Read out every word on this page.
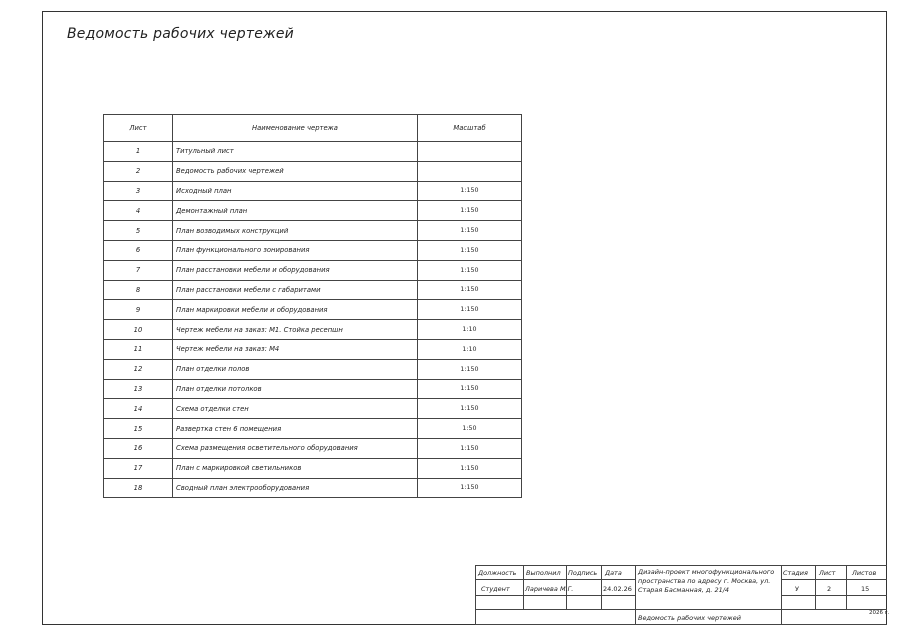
Ведомость рабочих чертежей
Лист	Наименование чертежа	Масштаб
1	Титульный лист	
2	Ведомость рабочих чертежей	
3	Исходный план	1:150
4	Демонтажный план	1:150
5	План возводимых конструкций	1:150
6	План функционального зонирования	1:150
7	План расстановки мебели и оборудования	1:150
8	План расстановки мебели с габаритами	1:150
9	План маркировки мебели и оборудования	1:150
10	Чертеж мебели на заказ: М1. Стойка ресепшн	1:10
11	Чертеж мебели на заказ: М4	1:10
12	План отделки полов	1:150
13	План отделки потолков	1:150
14	Схема отделки стен	1:150
15	Развертка стен 6 помещения	1:50
16	Схема размещения осветительного оборудования	1:150
17	План с маркировкой светильников	1:150
18	Сводный план электрооборудования	1:150
Должность Выполнил Подпись Дата
Студент Ларичева М.Г.	24.02.26
Дизайн-проект многофункционального
пространства по адресу г. Москва, ул.
Старая Басманная, д. 21/4
Стадия Лист	Листов
У	2	15
Ведомость рабочих чертежей
2026 г.
